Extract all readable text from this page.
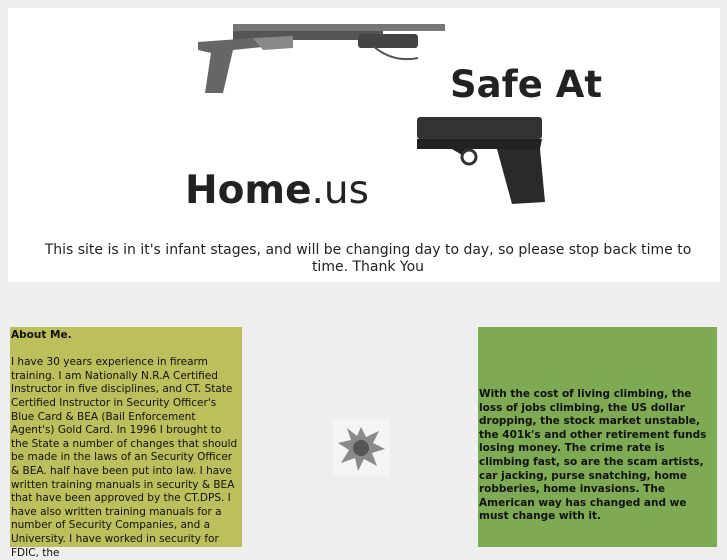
Safe At
Home.us
This site is in it's infant stages, and will be changing day to day, so please stop back time to time. Thank You
About Me.

I have 30 years experience in firearm training. I am Nationally N.R.A Certified Instructor in five disciplines, and CT. State Certified Instructor in Security Officer's Blue Card & BEA (Bail Enforcement Agent's) Gold Card. In 1996 I brought to the State a number of changes that should be made in the laws of an Security Officer & BEA. half have been put into law. I have written training manuals in security & BEA that have been approved by the CT.DPS. I have also written training manuals for a number of Security Companies, and a University. I have worked in security for FDIC, the

With the cost of living climbing, the loss of jobs climbing, the US dollar dropping, the stock market unstable, the 401k's and other retirement funds losing money. The crime rate is climbing fast, so are the scam artists, car jacking, purse snatching, home robberies, home invasions. The American way has changed and we must change with it.
